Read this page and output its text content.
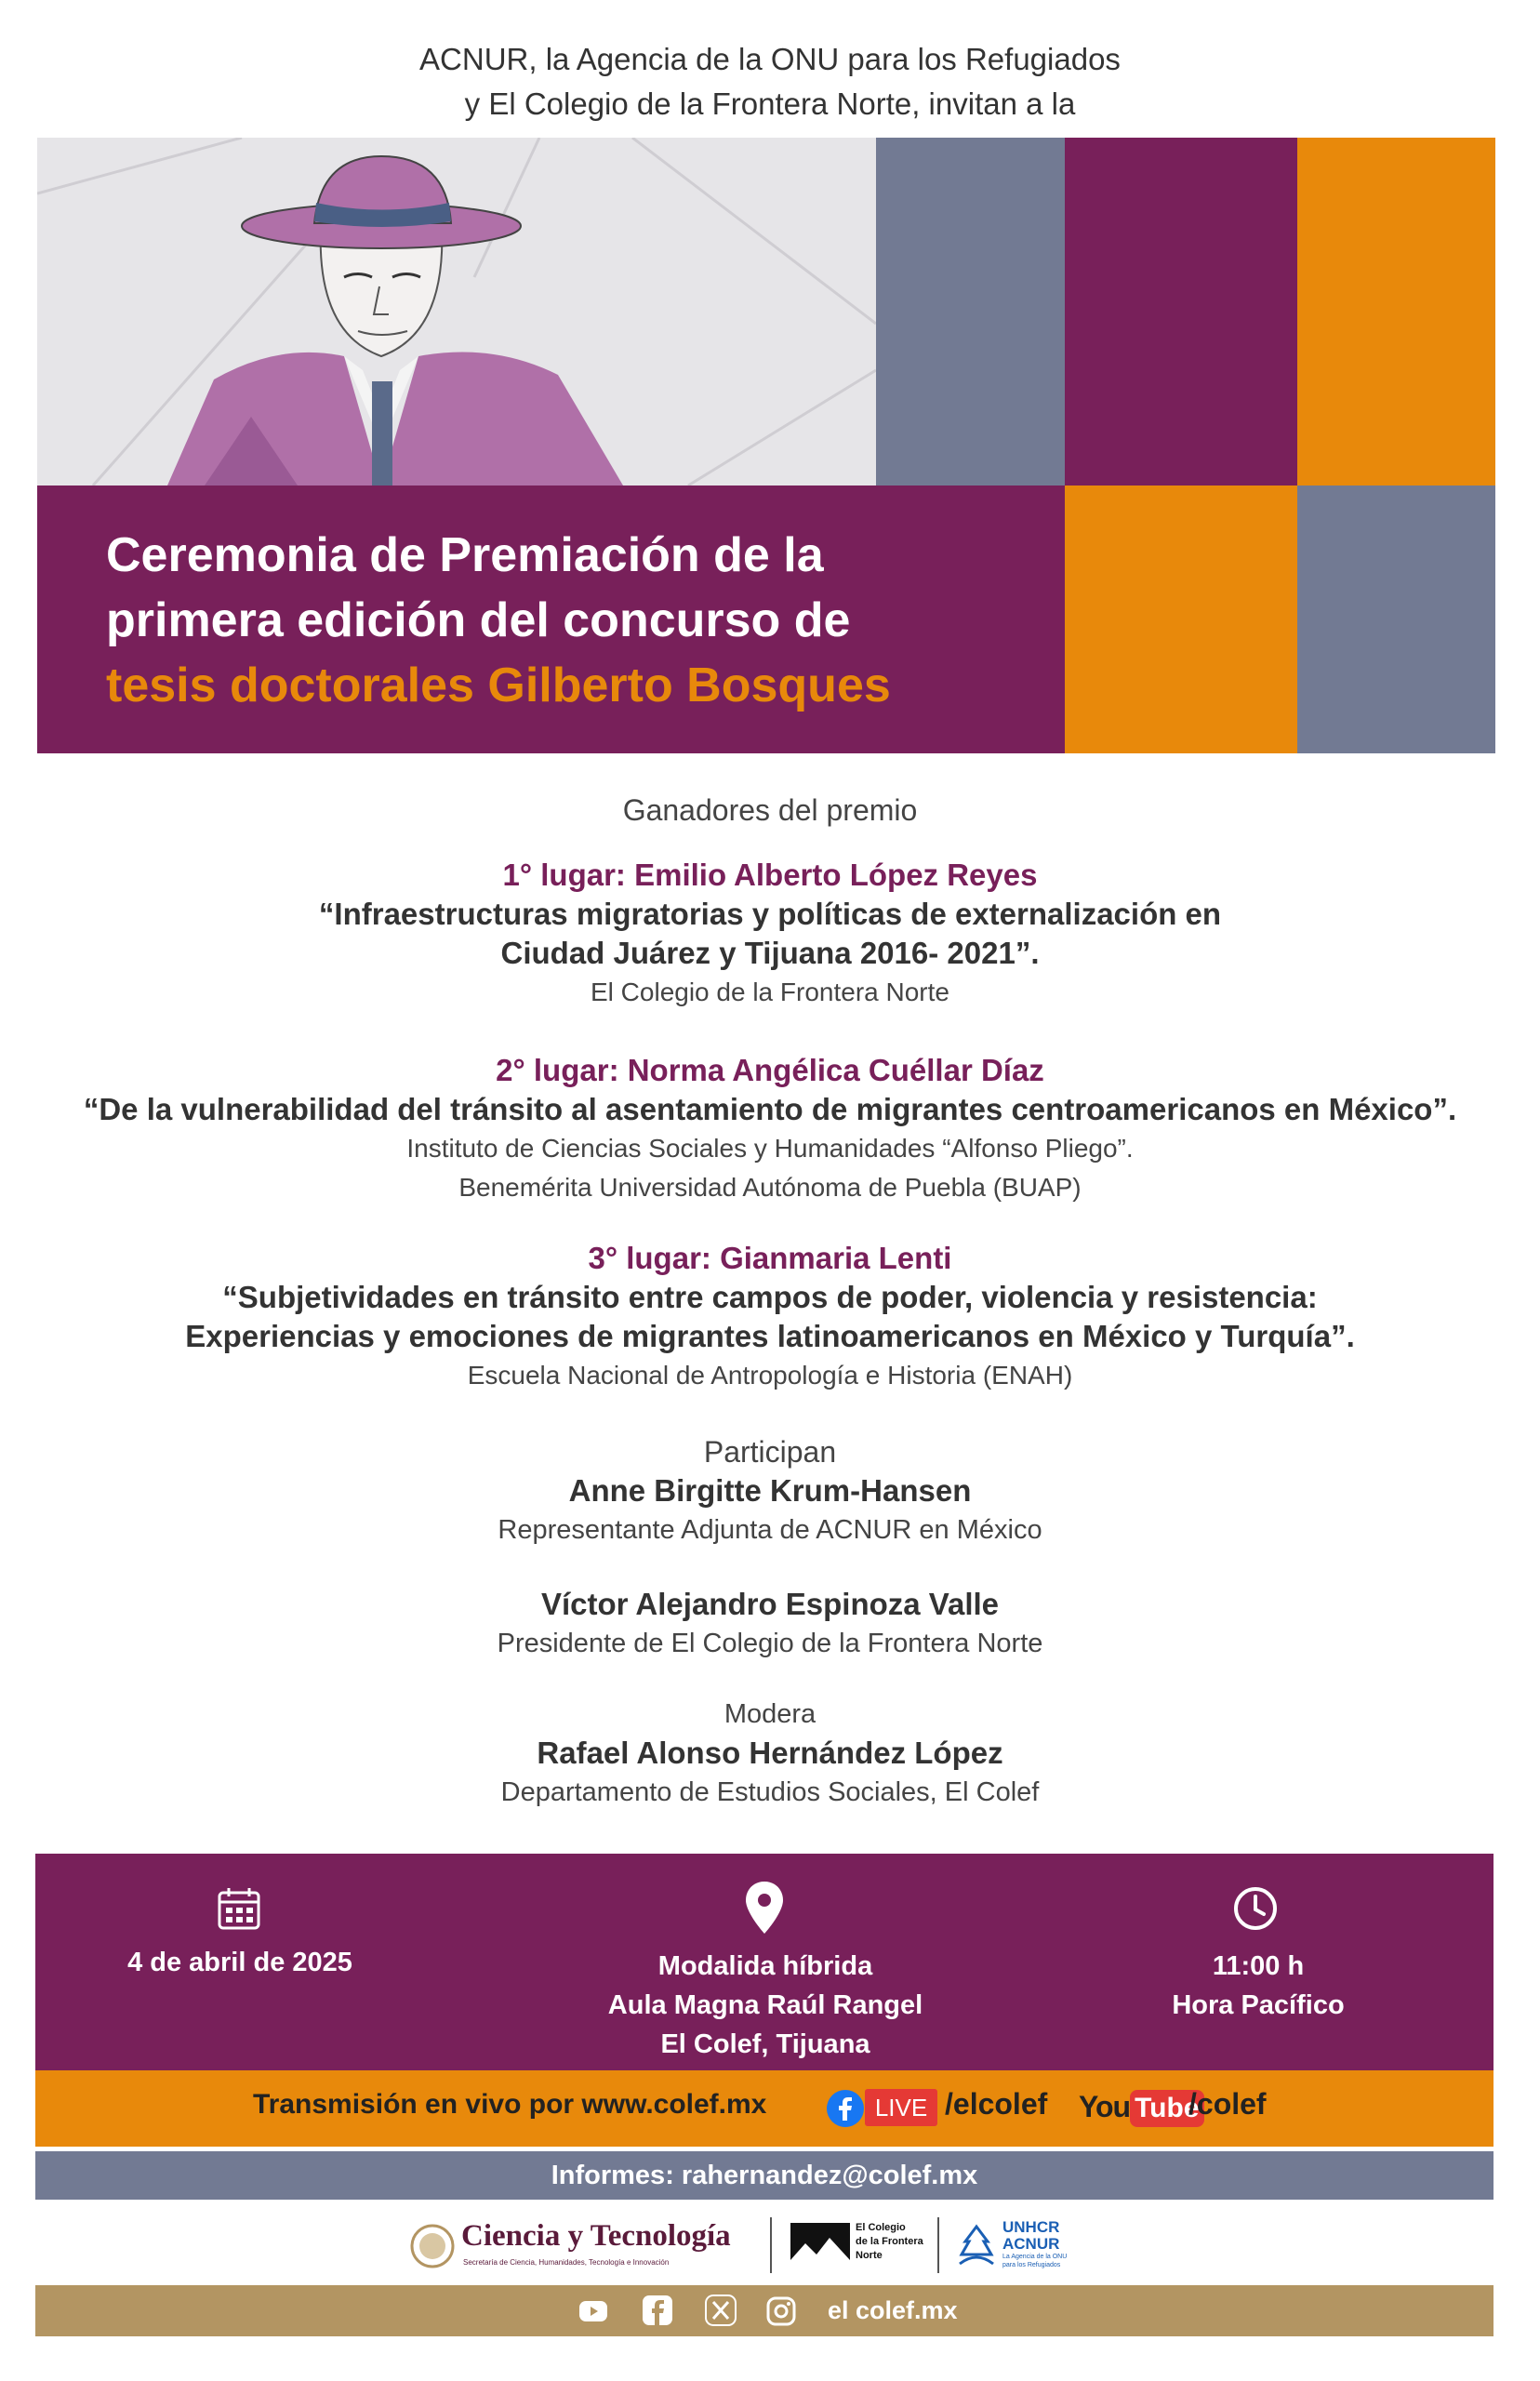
ACNUR, la Agencia de la ONU para los Refugiados
y El Colegio de la Frontera Norte, invitan a la
Ceremonia de Premiación de la
primera edición del concurso de
tesis doctorales Gilberto Bosques
Ganadores del premio
1° lugar: Emilio Alberto López Reyes
“Infraestructuras migratorias y políticas de externalización en
Ciudad Juárez y Tijuana 2016- 2021”.
El Colegio de la Frontera Norte
2° lugar: Norma Angélica Cuéllar Díaz
“De la vulnerabilidad del tránsito al asentamiento de migrantes centroamericanos en México”.
Instituto de Ciencias Sociales y Humanidades “Alfonso Pliego”.
Benemérita Universidad Autónoma de Puebla (BUAP)
3° lugar: Gianmaria Lenti
“Subjetividades en tránsito entre campos de poder, violencia y resistencia:
Experiencias y emociones de migrantes latinoamericanos en México y Turquía”.
Escuela Nacional de Antropología e Historia (ENAH)
Participan
Anne Birgitte Krum-Hansen
Representante Adjunta de ACNUR en México
Víctor Alejandro Espinoza Valle
Presidente de El Colegio de la Frontera Norte
Modera
Rafael Alonso Hernández López
Departamento de Estudios Sociales, El Colef
4 de abril de 2025	Modalida híbrida
Aula Magna Raúl Rangel
El Colef, Tijuana
11:00 h
Hora Pacífico
Transmisión en vivo por www.colef.mx	LIVE /elcolef You Tube
/colef
Informes: rahernandez@colef.mx
Ciencia y Tecnología
Secretaría de Ciencia, Humanidades, Tecnología e Innovación
El Colegio
de la Frontera
Norte
UNHCR
ACNUR
La Agencia de la ONU
para los Refugiados
el colef.mx
